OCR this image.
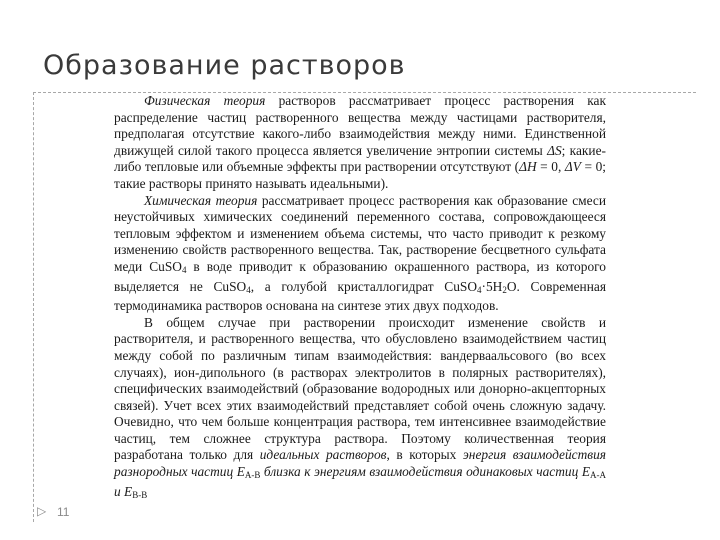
Образование растворов
▷ 11

Физическая теория растворов рассматривает процесс растворения как распределение частиц растворенного вещества между частицами растворителя, предполагая отсутствие какого-либо взаимодействия между ними. Единственной движущей силой такого процесса является увеличение энтропии системы ΔS; какие-либо тепловые или объемные эффекты при растворении отсутствуют (ΔH = 0, ΔV = 0; такие растворы принято называть идеальными).

Химическая теория рассматривает процесс растворения как образование смеси неустойчивых химических соединений переменного состава, сопровождающееся тепловым эффектом и изменением объема системы, что часто приводит к резкому изменению свойств растворенного вещества. Так, растворение бесцветного сульфата меди CuSO$_4$ в воде приводит к образованию окрашенного раствора, из которого выделяется не CuSO$_4$, а голубой кристаллогидрат $CuSO_4\cdot 5H_2O$. Современная термодинамика растворов основана на синтезе этих двух подходов.

В общем случае при растворении происходит изменение свойств и растворителя, и растворенного вещества, что обусловлено взаимодействием частиц между собой по различным типам взаимодействия: вандерваальсового (во всех случаях), ион-дипольного (в растворах электролитов в полярных растворителях), специфических взаимодействий (образование водородных или донорно-акцепторных связей). Учет всех этих взаимодействий представляет собой очень сложную задачу. Очевидно, что чем больше концентрация раствора, тем интенсивнее взаимодействие частиц, тем сложнее структура раствора. Поэтому количественная теория разработана только для идеальных растворов, в которых энергия взаимодействия разнородных частиц $E_{A-B}$ близка к энергиям взаимодействия одинаковых частиц $E_{A-A}$ и $E_{B-B}$
